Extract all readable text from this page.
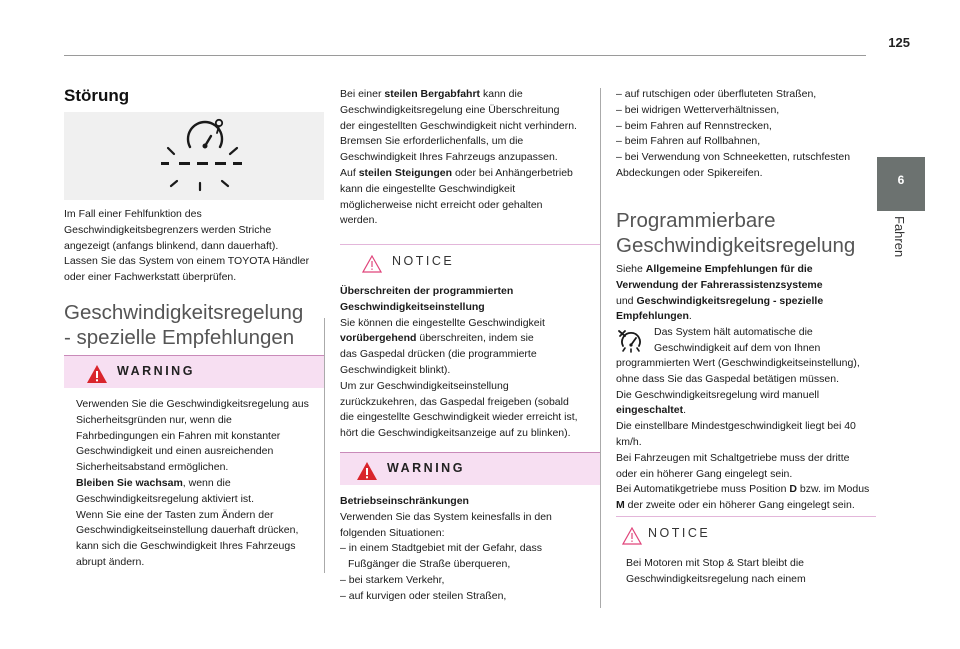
125
6
Fahren
Störung
Im Fall einer Fehlfunktion des
Geschwindigkeitsbegrenzers werden Striche
angezeigt (anfangs blinkend, dann dauerhaft).
Lassen Sie das System von einem TOYOTA Händler
oder einer Fachwerkstatt überprüfen.
Geschwindigkeitsregelung
- spezielle Empfehlungen
WARNING
Verwenden Sie die Geschwindigkeitsregelung aus
Sicherheitsgründen nur, wenn die
Fahrbedingungen ein Fahren mit konstanter
Geschwindigkeit und einen ausreichenden
Sicherheitsabstand ermöglichen.
Bleiben Sie wachsam, wenn die
Geschwindigkeitsregelung aktiviert ist.
Wenn Sie eine der Tasten zum Ändern der
Geschwindigkeitseinstellung dauerhaft drücken,
kann sich die Geschwindigkeit Ihres Fahrzeugs
abrupt ändern.
Bei einer steilen Bergabfahrt kann die
Geschwindigkeitsregelung eine Überschreitung
der eingestellten Geschwindigkeit nicht verhindern.
Bremsen Sie erforderlichenfalls, um die
Geschwindigkeit Ihres Fahrzeugs anzupassen.
Auf steilen Steigungen oder bei Anhängerbetrieb
kann die eingestellte Geschwindigkeit
möglicherweise nicht erreicht oder gehalten
werden.
NOTICE
Überschreiten der programmierten
Geschwindigkeitseinstellung
Sie können die eingestellte Geschwindigkeit
vorübergehend überschreiten, indem sie
das Gaspedal drücken (die programmierte
Geschwindigkeit blinkt).
Um zur Geschwindigkeitseinstellung
zurückzukehren, das Gaspedal freigeben (sobald
die eingestellte Geschwindigkeit wieder erreicht ist,
hört die Geschwindigkeitsanzeige auf zu blinken).
WARNING
Betriebseinschränkungen
Verwenden Sie das System keinesfalls in den
folgenden Situationen:
– in einem Stadtgebiet mit der Gefahr, dass
Fußgänger die Straße überqueren,
– bei starkem Verkehr,
– auf kurvigen oder steilen Straßen,
– auf rutschigen oder überfluteten Straßen,
– bei widrigen Wetterverhältnissen,
– beim Fahren auf Rennstrecken,
– beim Fahren auf Rollbahnen,
– bei Verwendung von Schneeketten, rutschfesten
Abdeckungen oder Spikereifen.
Programmierbare
Geschwindigkeitsregelung
Siehe Allgemeine Empfehlungen für die
Verwendung der Fahrerassistenzsysteme
und Geschwindigkeitsregelung - spezielle
Empfehlungen.
Das System hält automatische die
Geschwindigkeit auf dem von Ihnen
programmierten Wert (Geschwindigkeitseinstellung),
ohne dass Sie das Gaspedal betätigen müssen.
Die Geschwindigkeitsregelung wird manuell
eingeschaltet.
Die einstellbare Mindestgeschwindigkeit liegt bei 40
km/h.
Bei Fahrzeugen mit Schaltgetriebe muss der dritte
oder ein höherer Gang eingelegt sein.
Bei Automatikgetriebe muss Position D bzw. im Modus
M der zweite oder ein höherer Gang eingelegt sein.
NOTICE
Bei Motoren mit Stop & Start bleibt die
Geschwindigkeitsregelung nach einem
